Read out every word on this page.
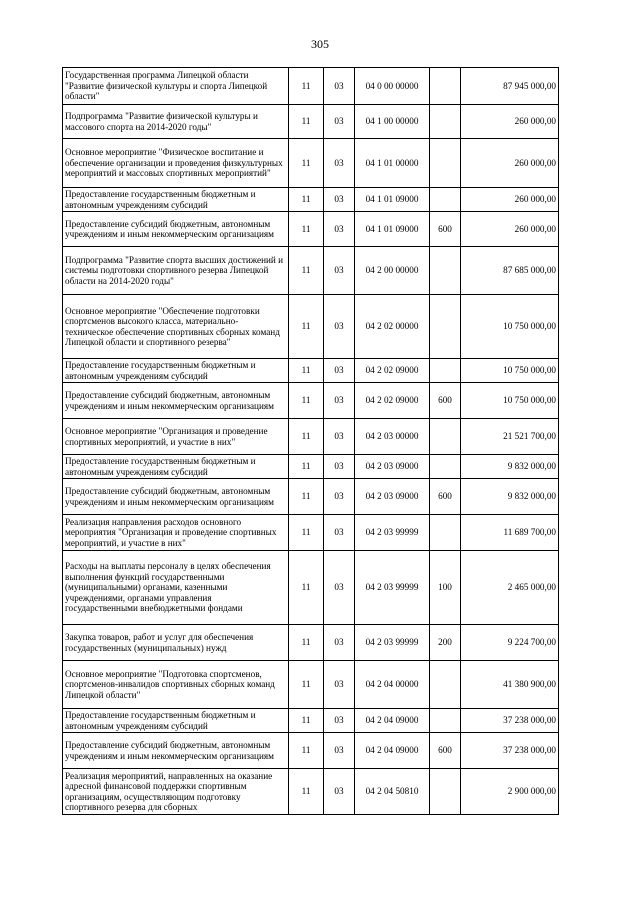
305
Государственная программа Липецкой области "Развитие физической культуры и спорта Липецкой области"	11	03	04 0 00 00000		87 945 000,00
Подпрограмма "Развитие физической культуры и массового спорта на 2014-2020 годы"	11	03	04 1 00 00000		260 000,00
Основное мероприятие "Физическое воспитание и обеспечение организации и проведения физкультурных мероприятий и массовых спортивных мероприятий"	11	03	04 1 01 00000		260 000,00
Предоставление государственным бюджетным и автономным учреждениям субсидий	11	03	04 1 01 09000		260 000,00
Предоставление субсидий бюджетным, автономным учреждениям и иным некоммерческим организациям	11	03	04 1 01 09000	600	260 000,00
Подпрограмма "Развитие спорта высших достижений и системы подготовки спортивного резерва Липецкой области на 2014-2020 годы"	11	03	04 2 00 00000		87 685 000,00
Основное мероприятие "Обеспечение подготовки спортсменов высокого класса, материально-техническое обеспечение спортивных сборных команд Липецкой области и спортивного резерва"	11	03	04 2 02 00000		10 750 000,00
Предоставление государственным бюджетным и автономным учреждениям субсидий	11	03	04 2 02 09000		10 750 000,00
Предоставление субсидий бюджетным, автономным учреждениям и иным некоммерческим организациям	11	03	04 2 02 09000	600	10 750 000,00
Основное мероприятие "Организация и проведение спортивных мероприятий, и участие в них"	11	03	04 2 03 00000		21 521 700,00
Предоставление государственным бюджетным и автономным учреждениям субсидий	11	03	04 2 03 09000		9 832 000,00
Предоставление субсидий бюджетным, автономным учреждениям и иным некоммерческим организациям	11	03	04 2 03 09000	600	9 832 000,00
Реализация направления расходов основного мероприятия "Организация и проведение спортивных мероприятий, и участие в них"	11	03	04 2 03 99999		11 689 700,00
Расходы на выплаты персоналу в целях обеспечения выполнения функций государственными (муниципальными) органами, казенными учреждениями, органами управления государственными внебюджетными фондами	11	03	04 2 03 99999	100	2 465 000,00
Закупка товаров, работ и услуг для обеспечения государственных (муниципальных) нужд	11	03	04 2 03 99999	200	9 224 700,00
Основное мероприятие "Подготовка спортсменов, спортсменов-инвалидов спортивных сборных команд Липецкой области"	11	03	04 2 04 00000		41 380 900,00
Предоставление государственным бюджетным и автономным учреждениям субсидий	11	03	04 2 04 09000		37 238 000,00
Предоставление субсидий бюджетным, автономным учреждениям и иным некоммерческим организациям	11	03	04 2 04 09000	600	37 238 000,00
Реализация мероприятий, направленных на оказание адресной финансовой поддержки спортивным организациям, осуществляющим подготовку спортивного резерва для сборных	11	03	04 2 04 50810		2 900 000,00
